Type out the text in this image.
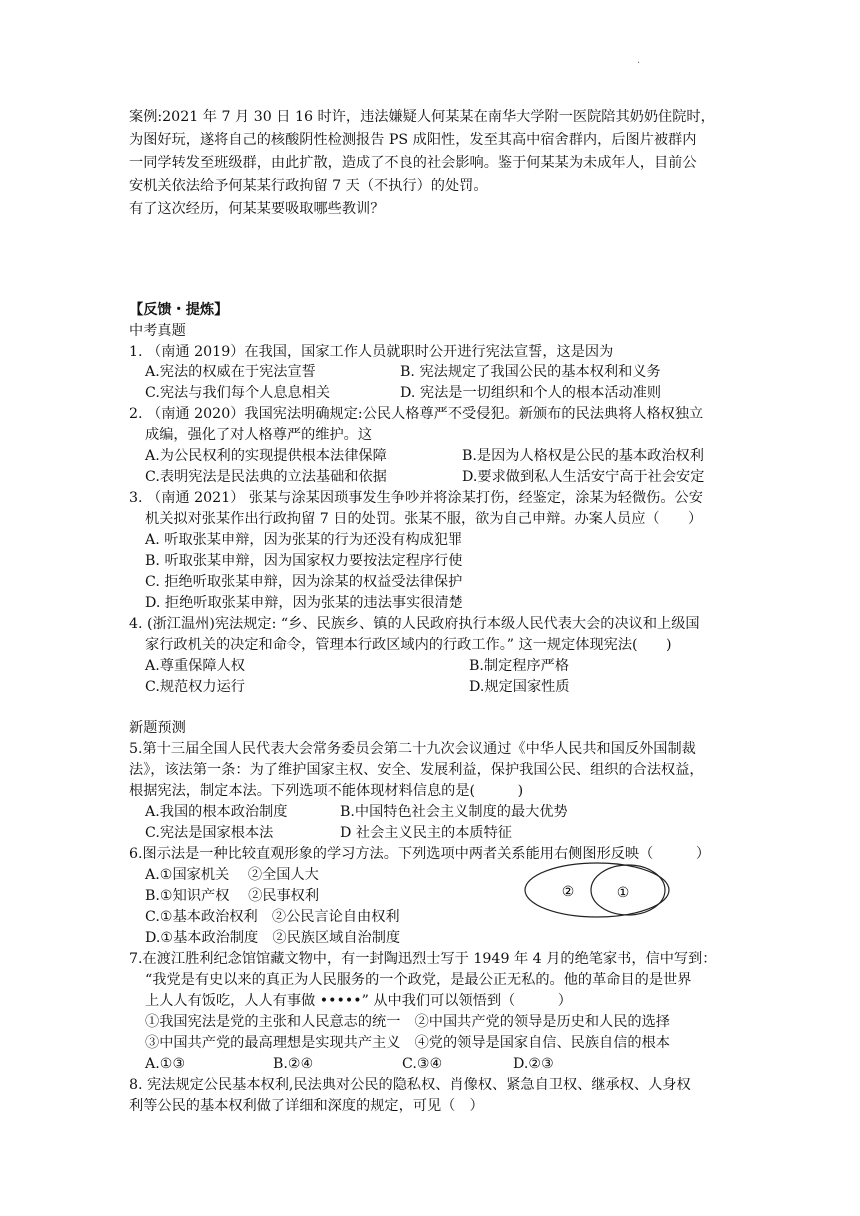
·
案例:2021 年 7 月 30 日 16 时许，违法嫌疑人何某某在南华大学附一医院陪其奶奶住院时，
为图好玩，遂将自己的核酸阴性检测报告 PS 成阳性，发至其高中宿舍群内，后图片被群内
一同学转发至班级群，由此扩散，造成了不良的社会影响。鉴于何某某为未成年人，目前公
安机关依法给予何某某行政拘留 7 天（不执行）的处罚。
有了这次经历，何某某要吸取哪些教训？
【反馈・提炼】
中考真题
1. （南通 2019）在我国，国家工作人员就职时公开进行宪法宣誓，这是因为
A.宪法的权威在于宪法宣誓	B. 宪法规定了我国公民的基本权利和义务
C.宪法与我们每个人息息相关	D. 宪法是一切组织和个人的根本活动准则
2. （南通 2020）我国宪法明确规定:公民人格尊严不受侵犯。新颁布的民法典将人格权独立
成编，强化了对人格尊严的维护。这
A.为公民权利的实现提供根本法律保障	B.是因为人格权是公民的基本政治权利
C.表明宪法是民法典的立法基础和依据	D.要求做到私人生活安宁高于社会安定
3. （南通 2021） 张某与涂某因琐事发生争吵并将涂某打伤，经鉴定，涂某为轻微伤。公安
机关拟对张某作出行政拘留 7 日的处罚。张某不服，欲为自己申辩。办案人员应（　　）
A. 听取张某申辩，因为张某的行为还没有构成犯罪
B. 听取张某申辩，因为国家权力要按法定程序行使
C. 拒绝听取张某申辩，因为涂某的权益受法律保护
D. 拒绝听取张某申辩，因为张某的违法事实很清楚
4. (浙江温州)宪法规定: “乡、民族乡、镇的人民政府执行本级人民代表大会的决议和上级国
家行政机关的决定和命令，管理本行政区域内的行政工作。” 这一规定体现宪法(　　)
A.尊重保障人权	B.制定程序严格
C.规范权力运行	D.规定国家性质
新题预测
5.第十三届全国人民代表大会常务委员会第二十九次会议通过《中华人民共和国反外国制裁
法》，该法第一条：为了维护国家主权、安全、发展利益，保护我国公民、组织的合法权益，
根据宪法，制定本法。下列选项不能体现材料信息的是(　　　)
A.我国的根本政治制度	B.中国特色社会主义制度的最大优势
C.宪法是国家根本法	D 社会主义民主的本质特征
6.图示法是一种比较直观形象的学习方法。下列选项中两者关系能用右侧图形反映（　　　）
A.①国家机关　 ②全国人大
B.①知识产权　 ②民事权利
C.①基本政治权利　②公民言论自由权利
D.①基本政治制度　②民族区域自治制度
②	①
7.在渡江胜利纪念馆馆藏文物中，有一封陶迅烈士写于 1949 年 4 月的绝笔家书，信中写到：
“我党是有史以来的真正为人民服务的一个政党，是最公正无私的。他的革命目的是世界
上人人有饭吃，人人有事做 •••••” 从中我们可以领悟到（　　　）
①我国宪法是党的主张和人民意志的统一　②中国共产党的领导是历史和人民的选择
③中国共产党的最高理想是实现共产主义　④党的领导是国家自信、民族自信的根本
A.①③	B.②④	C.③④	D.②③
8. 宪法规定公民基本权利,民法典对公民的隐私权、肖像权、紧急自卫权、继承权、人身权
利等公民的基本权利做了详细和深度的规定，可见（　）
